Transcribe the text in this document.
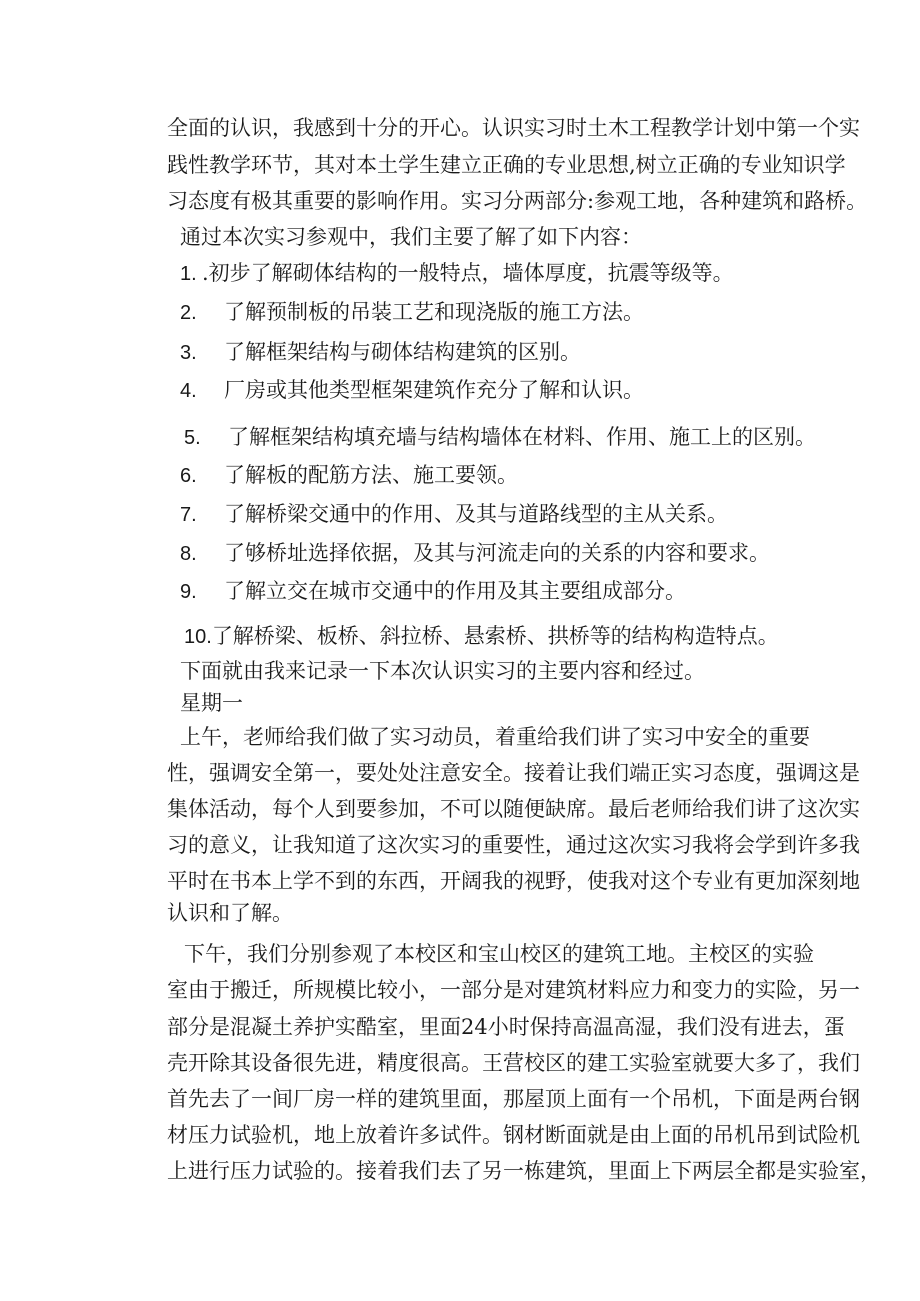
全面的认识，我感到十分的开心。认识实习时土木工程教学计划中第一个实
践性教学环节，其对本土学生建立正确的专业思想,树立正确的专业知识学
习态度有极其重要的影响作用。实习分两部分:参观工地，各种建筑和路桥。
通过本次实习参观中，我们主要了解了如下内容：
1. .初步了解砌体结构的一般特点，墙体厚度，抗震等级等。
2. 了解预制板的吊装工艺和现浇版的施工方法。
3. 了解框架结构与砌体结构建筑的区别。
4. 厂房或其他类型框架建筑作充分了解和认识。
5. 了解框架结构填充墙与结构墙体在材料、作用、施工上的区别。
6. 了解板的配筋方法、施工要领。
7. 了解桥梁交通中的作用、及其与道路线型的主从关系。
8. 了够桥址选择依据，及其与河流走向的关系的内容和要求。
9. 了解立交在城市交通中的作用及其主要组成部分。
10.了解桥梁、板桥、斜拉桥、悬索桥、拱桥等的结构构造特点。
下面就由我来记录一下本次认识实习的主要内容和经过。
星期一
上午，老师给我们做了实习动员，着重给我们讲了实习中安全的重要
性，强调安全第一，要处处注意安全。接着让我们端正实习态度，强调这是
集体活动，每个人到要参加，不可以随便缺席。最后老师给我们讲了这次实
习的意义，让我知道了这次实习的重要性，通过这次实习我将会学到许多我
平时在书本上学不到的东西，开阔我的视野，使我对这个专业有更加深刻地
认识和了解。
下午，我们分别参观了本校区和宝山校区的建筑工地。主校区的实验
室由于搬迁，所规模比较小，一部分是对建筑材料应力和变力的实险，另一
部分是混凝土养护实酷室，里面24小时保持高温高湿，我们没有进去，蛋
壳开除其设备很先进，精度很高。王营校区的建工实验室就要大多了，我们
首先去了一间厂房一样的建筑里面，那屋顶上面有一个吊机，下面是两台钢
材压力试验机，地上放着许多试件。钢材断面就是由上面的吊机吊到试险机
上进行压力试验的。接着我们去了另一栋建筑，里面上下两层全都是实验室，
